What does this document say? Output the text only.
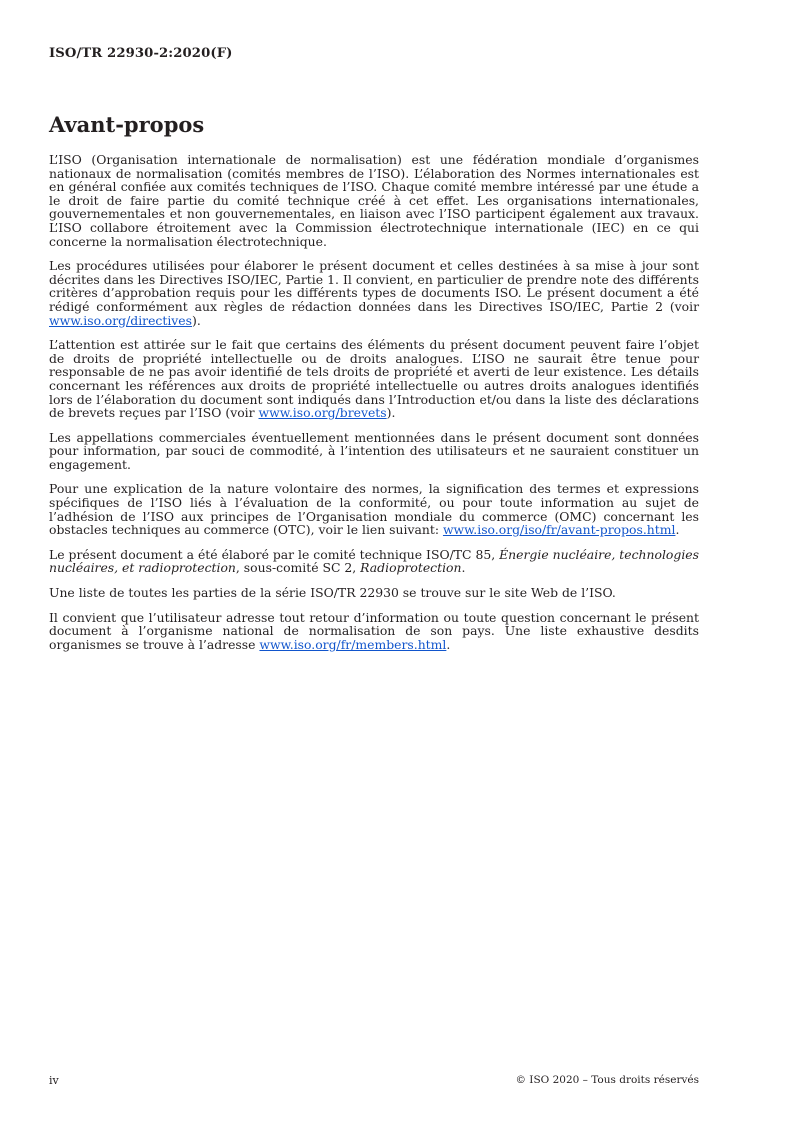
ISO/TR 22930-2:2020(F)
Avant-propos

L’ISO (Organisation internationale de normalisation) est une fédération mondiale d’organismes nationaux de normalisation (comités membres de l’ISO). L’élaboration des Normes internationales est en général confiée aux comités techniques de l’ISO. Chaque comité membre intéressé par une étude a le droit de faire partie du comité technique créé à cet effet. Les organisations internationales, gouvernementales et non gouvernementales, en liaison avec l’ISO participent également aux travaux. L’ISO collabore étroitement avec la Commission électrotechnique internationale (IEC) en ce qui concerne la normalisation électrotechnique.

Les procédures utilisées pour élaborer le présent document et celles destinées à sa mise à jour sont décrites dans les Directives ISO/IEC, Partie 1. Il convient, en particulier de prendre note des différents critères d’approbation requis pour les différents types de documents ISO. Le présent document a été rédigé conformément aux règles de rédaction données dans les Directives ISO/IEC, Partie 2 (voir www.iso.org/directives).

L’attention est attirée sur le fait que certains des éléments du présent document peuvent faire l’objet de droits de propriété intellectuelle ou de droits analogues. L’ISO ne saurait être tenue pour responsable de ne pas avoir identifié de tels droits de propriété et averti de leur existence. Les détails concernant les références aux droits de propriété intellectuelle ou autres droits analogues identifiés lors de l’élaboration du document sont indiqués dans l’Introduction et/ou dans la liste des déclarations de brevets reçues par l’ISO (voir www.iso.org/brevets).

Les appellations commerciales éventuellement mentionnées dans le présent document sont données pour information, par souci de commodité, à l’intention des utilisateurs et ne sauraient constituer un engagement.

Pour une explication de la nature volontaire des normes, la signification des termes et expressions spécifiques de l’ISO liés à l’évaluation de la conformité, ou pour toute information au sujet de l’adhésion de l’ISO aux principes de l’Organisation mondiale du commerce (OMC) concernant les obstacles techniques au commerce (OTC), voir le lien suivant: www.iso.org/iso/fr/avant-propos.html.

Le présent document a été élaboré par le comité technique ISO/TC 85, Énergie nucléaire, technologies nucléaires, et radioprotection, sous-comité SC 2, Radioprotection.

Une liste de toutes les parties de la série ISO/TR 22930 se trouve sur le site Web de l’ISO.

Il convient que l’utilisateur adresse tout retour d’information ou toute question concernant le présent document à l’organisme national de normalisation de son pays. Une liste exhaustive desdits organismes se trouve à l’adresse www.iso.org/fr/members.html.

iv	© ISO 2020 – Tous droits réservés
